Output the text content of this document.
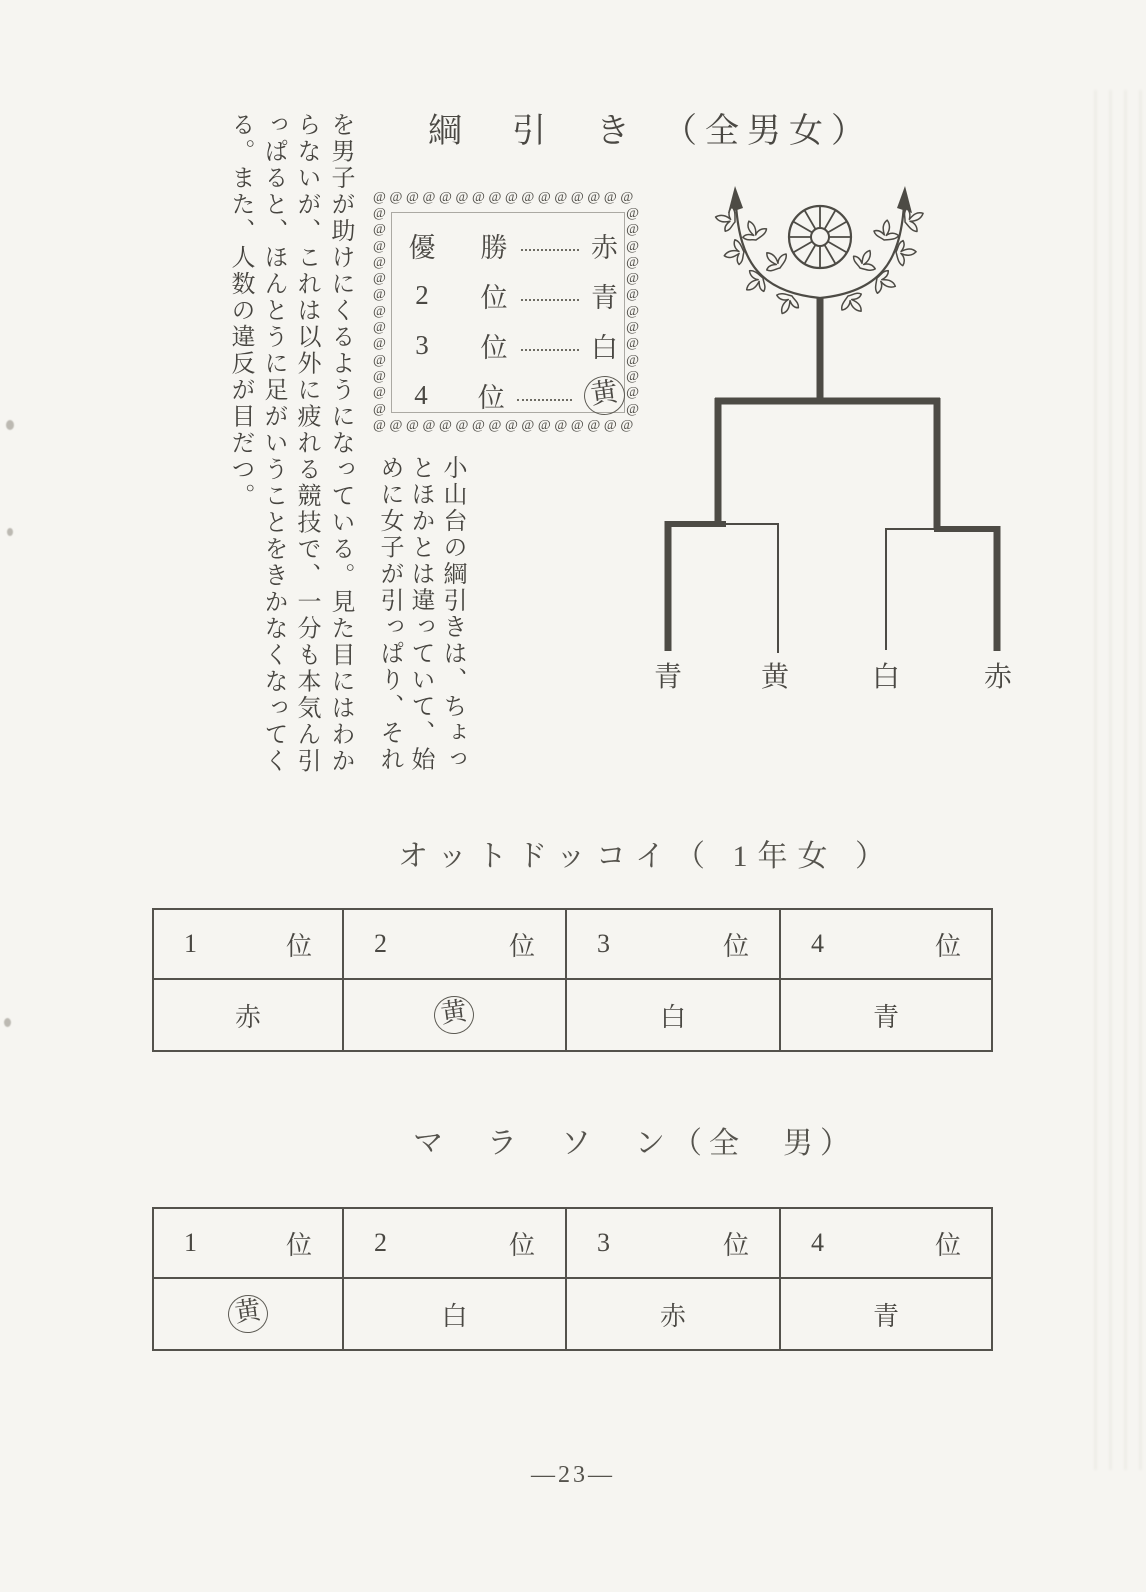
綱　引　き　（全男女）
@@@@@@@@@@@@@@@@
@@@@@@@@@@@@@
優 勝	赤
2	位	青
3	位	白
4	位	黄
@@@@@@@@@@@@@
@@@@@@@@@@@@@@@@
青	黄	白	赤
小山台の綱引きは、ちょっ
とほかとは違っていて、始
めに女子が引っぱり、それ
を男子が助けにくるようになっている。見た目にはわか
らないが、これは以外に疲れる競技で、一分も本気ん引
っぱると、ほんとうに足がいうことをきかなくなってく
る。また、人数の違反が目だつ。
オットドッコイ（ 1年女 ）
1	位 2	位 3	位 4	位
赤	黄	白	青
マ　ラ　ソ　ン（全　男）
1	位 2	位 3	位 4	位
黄	白	赤	青
—23—
